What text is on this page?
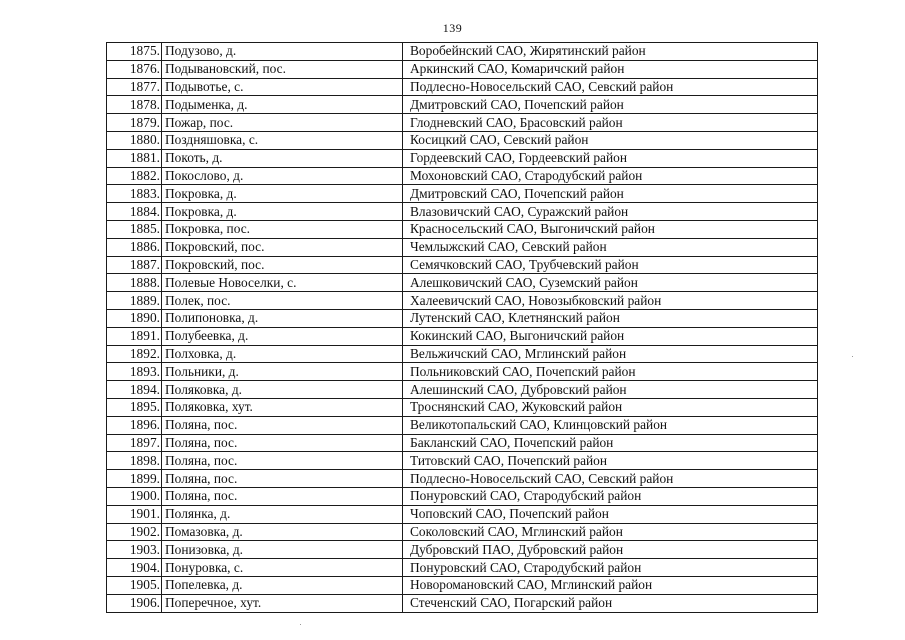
139
1875.	Подузово, д.	Воробейнский САО, Жирятинский район
1876.	Подывановский, пос.	Аркинский САО, Комаричский район
1877.	Подывотье, с.	Подлесно-Новосельский САО, Севский район
1878.	Подыменка, д.	Дмитровский САО, Почепский район
1879.	Пожар, пос.	Глодневский САО, Брасовский район
1880.	Поздняшовка, с.	Косицкий САО, Севский район
1881.	Покоть, д.	Гордеевский САО, Гордеевский район
1882.	Покослово, д.	Мохоновский САО, Стародубский район
1883.	Покровка, д.	Дмитровский САО, Почепский район
1884.	Покровка, д.	Влазовичский САО, Суражский район
1885.	Покровка, пос.	Красносельский САО, Выгоничский район
1886.	Покровский, пос.	Чемлыжский САО, Севский район
1887.	Покровский, пос.	Семячковский САО, Трубчевский район
1888.	Полевые Новоселки, с.	Алешковичский САО, Суземский район
1889.	Полек, пос.	Халеевичский САО, Новозыбковский район
1890.	Полипоновка, д.	Лутенский САО, Клетнянский район
1891.	Полубеевка, д.	Кокинский САО, Выгоничский район
1892.	Полховка, д.	Вельжичский САО, Мглинский район
1893.	Польники, д.	Польниковский САО, Почепский район
1894.	Поляковка, д.	Алешинский САО, Дубровский район
1895.	Поляковка, хут.	Троснянский САО, Жуковский район
1896.	Поляна, пос.	Великотопальский САО, Клинцовский район
1897.	Поляна, пос.	Бакланский САО, Почепский район
1898.	Поляна, пос.	Титовский САО, Почепский район
1899.	Поляна, пос.	Подлесно-Новосельский САО, Севский район
1900.	Поляна, пос.	Понуровский САО, Стародубский район
1901.	Полянка, д.	Чоповский САО, Почепский район
1902.	Помазовка, д.	Соколовский САО, Мглинский район
1903.	Понизовка, д.	Дубровский ПАО, Дубровский район
1904.	Понуровка, с.	Понуровский САО, Стародубский район
1905.	Попелевка, д.	Новоромановский САО, Мглинский район
1906.	Поперечное, хут.	Стеченский САО, Погарский район
